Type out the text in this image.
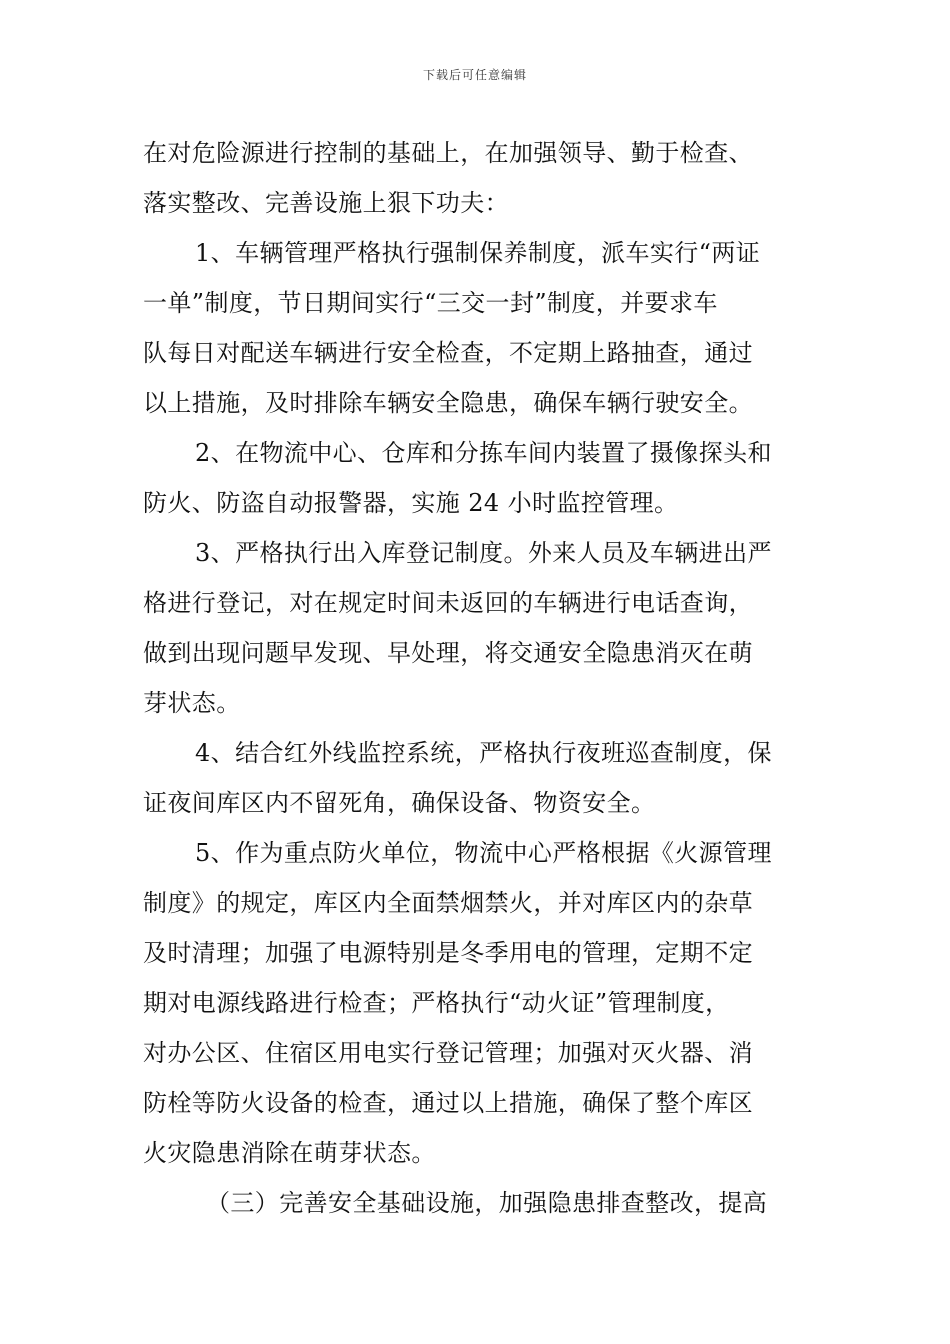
下载后可任意编辑
在对危险源进行控制的基础上，在加强领导、勤于检查、
落实整改、完善设施上狠下功夫：
1、车辆管理严格执行强制保养制度，派车实行“两证
一单”制度，节日期间实行“三交一封”制度，并要求车
队每日对配送车辆进行安全检查，不定期上路抽查，通过
以上措施，及时排除车辆安全隐患，确保车辆行驶安全。
2、在物流中心、仓库和分拣车间内装置了摄像探头和
防火、防盗自动报警器，实施 24 小时监控管理。
3、严格执行出入库登记制度。外来人员及车辆进出严
格进行登记，对在规定时间未返回的车辆进行电话查询，
做到出现问题早发现、早处理，将交通安全隐患消灭在萌
芽状态。
4、结合红外线监控系统，严格执行夜班巡查制度，保
证夜间库区内不留死角，确保设备、物资安全。
5、作为重点防火单位，物流中心严格根据《火源管理
制度》的规定，库区内全面禁烟禁火，并对库区内的杂草
及时清理；加强了电源特别是冬季用电的管理，定期不定
期对电源线路进行检查；严格执行“动火证”管理制度，
对办公区、住宿区用电实行登记管理；加强对灭火器、消
防栓等防火设备的检查，通过以上措施，确保了整个库区
火灾隐患消除在萌芽状态。
（三）完善安全基础设施，加强隐患排查整改，提高
